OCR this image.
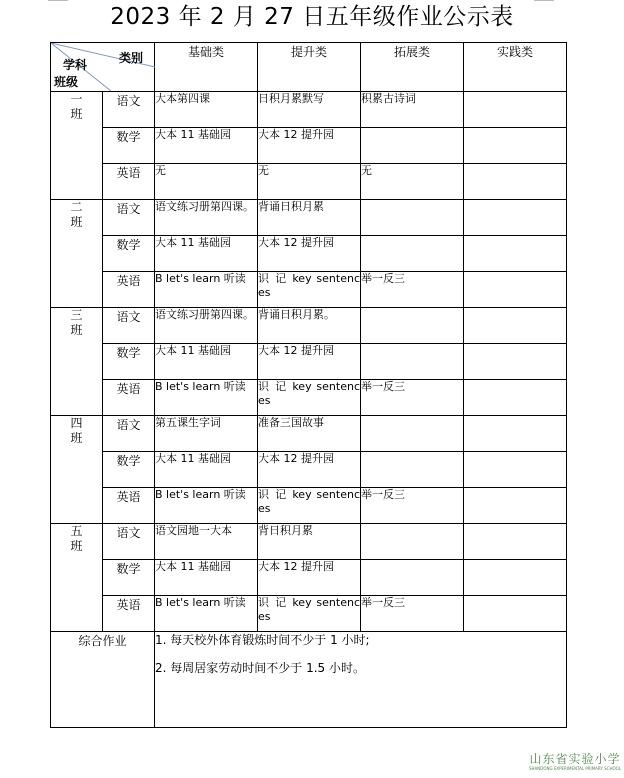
2023 年 2 月 27 日五年级作业公示表
类别
学科
班级		基础类	提升类	拓展类	实践类

一
班	语文	大本第四课	日积月累默写	积累古诗词	
	数学	大本 11 基础园	大本 12 提升园		
	英语	无	无	无	

二
班	语文	语文练习册第四课。	背诵日积月累		
	数学	大本 11 基础园	大本 12 提升园		
	英语	B let's learn 听读	识 记 key sentences	举一反三	

三
班	语文	语文练习册第四课。	背诵日积月累。		
	数学	大本 11 基础园	大本 12 提升园		
	英语	B let's learn 听读	识 记 key sentences	举一反三	

四
班	语文	第五课生字词	准备三国故事		
	数学	大本 11 基础园	大本 12 提升园		
	英语	B let's learn 听读	识 记 key sentences	举一反三	

五
班	语文	语文园地一大本	背日积月累		
	数学	大本 11 基础园	大本 12 提升园		
	英语	B let's learn 听读	识 记 key sentences	举一反三	
综合作业		1. 每天校外体育锻炼时间不少于 1 小时;

2. 每周居家劳动时间不少于 1.5 小时。			

山东省实验小学
SHANDONG EXPERIMENTAL PRIMARY SCHOOL
